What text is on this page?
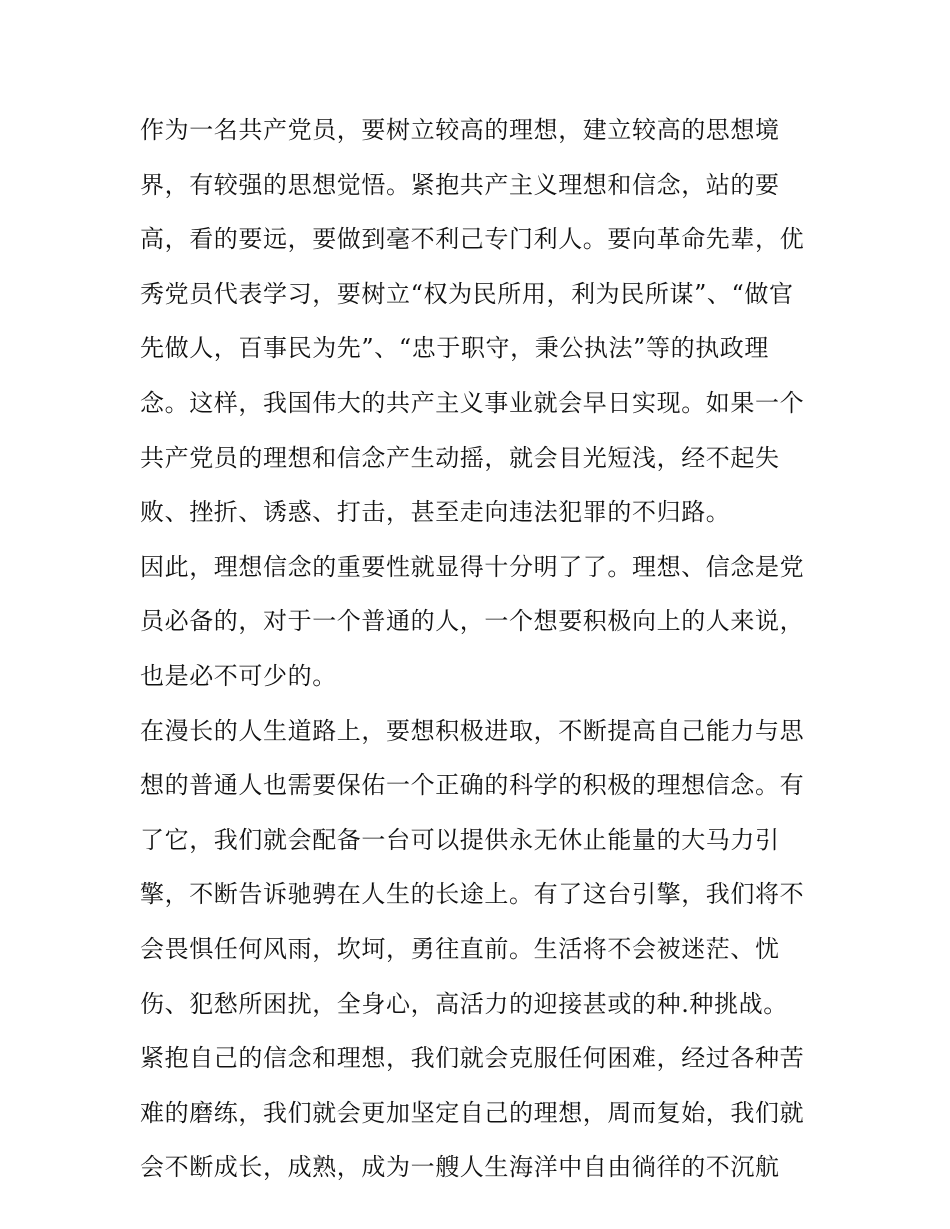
作为一名共产党员，要树立较高的理想，建立较高的思想境
界，有较强的思想觉悟。紧抱共产主义理想和信念，站的要
高，看的要远，要做到毫不利己专门利人。要向革命先辈，优
秀党员代表学习，要树立“权为民所用，利为民所谋”、“做官
先做人，百事民为先”、“忠于职守，秉公执法”等的执政理
念。这样，我国伟大的共产主义事业就会早日实现。如果一个
共产党员的理想和信念产生动摇，就会目光短浅，经不起失
败、挫折、诱惑、打击，甚至走向违法犯罪的不归路。
因此，理想信念的重要性就显得十分明了了。理想、信念是党
员必备的，对于一个普通的人，一个想要积极向上的人来说，
也是必不可少的。
在漫长的人生道路上，要想积极进取，不断提高自己能力与思
想的普通人也需要保佑一个正确的科学的积极的理想信念。有
了它，我们就会配备一台可以提供永无休止能量的大马力引
擎，不断告诉驰骋在人生的长途上。有了这台引擎，我们将不
会畏惧任何风雨，坎坷，勇往直前。生活将不会被迷茫、忧
伤、犯愁所困扰，全身心，高活力的迎接甚或的种.种挑战。
紧抱自己的信念和理想，我们就会克服任何困难，经过各种苦
难的磨练，我们就会更加坚定自己的理想，周而复始，我们就
会不断成长，成熟，成为一艘人生海洋中自由徜徉的不沉航
